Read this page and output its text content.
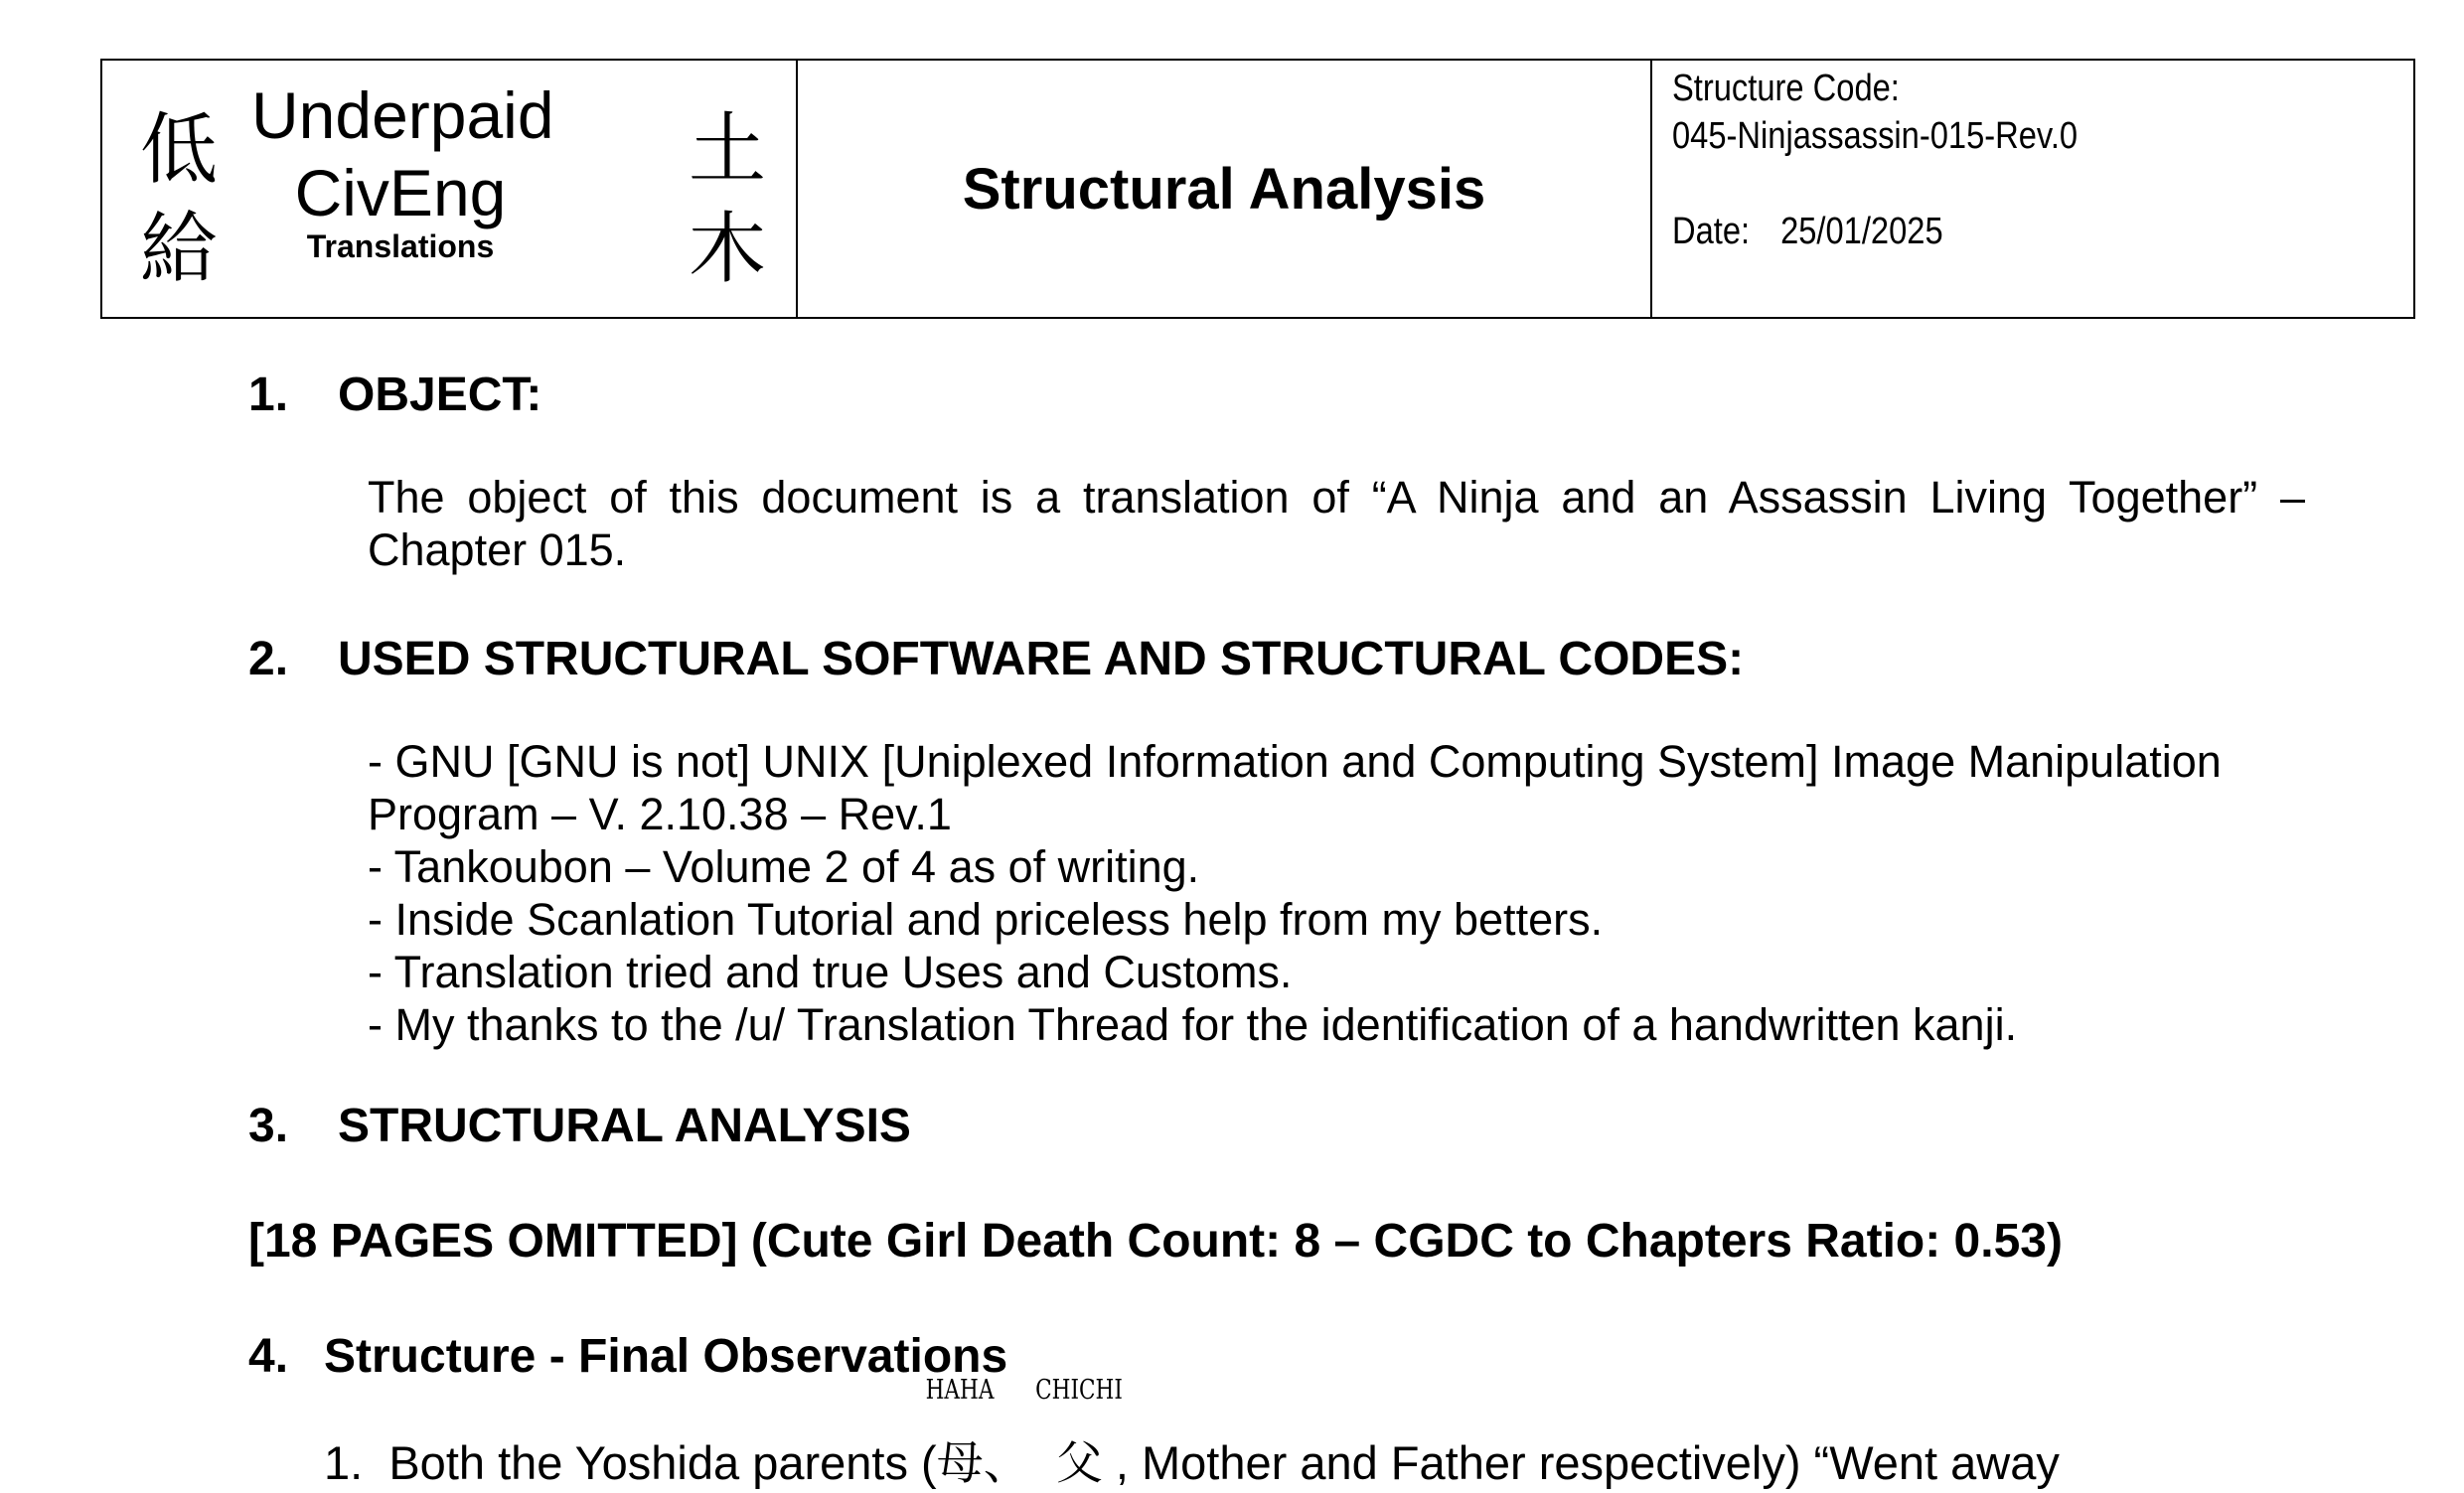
低
給
Underpaid
CivEng
Translations
土
木
Structural Analysis
Structure Code:
045-Ninjassassin-015-Rev.0
Date: 25/01/2025
1. OBJECT:
The object of this document is a translation of “A Ninja and an Assassin Living Together” – Chapter 015.
2. USED STRUCTURAL SOFTWARE AND STRUCTURAL CODES:
- GNU [GNU is not] UNIX [Uniplexed Information and Computing System] Image Manipulation
Program – V. 2.10.38 – Rev.1
- Tankoubon – Volume 2 of 4 as of writing.
- Inside Scanlation Tutorial and priceless help from my betters.
- Translation tried and true Uses and Customs.
- My thanks to the /u/ Translation Thread for the identification of a handwritten kanji.
3. STRUCTURAL ANALYSIS
[18 PAGES OMITTED] (Cute Girl Death Count: 8 – CGDC to Chapters Ratio: 0.53)
4. Structure - Final Observations
1. Both the Yoshida parents (
HAHA
母、
CHICHI
父 , Mother and Father respectively) “Went away
